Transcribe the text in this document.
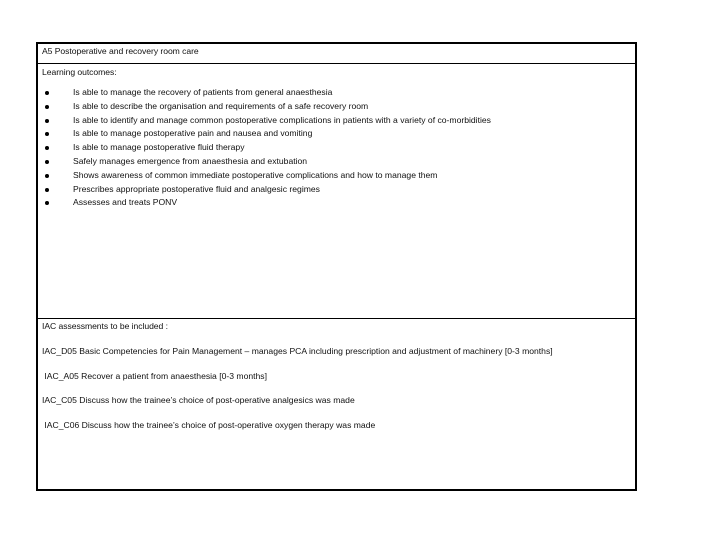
A5 Postoperative and recovery room care
Learning outcomes:
Is able to manage the recovery of patients from general anaesthesia
Is able to describe the organisation and requirements of a safe recovery room
Is able to identify and manage common postoperative complications in patients with a variety of co-morbidities
Is able to manage postoperative pain and nausea and vomiting
Is able to manage postoperative fluid therapy
Safely manages emergence from anaesthesia and extubation
Shows awareness of common immediate postoperative complications and how to manage them
Prescribes appropriate postoperative fluid and analgesic regimes
Assesses and treats PONV
IAC assessments to be included :
IAC_D05 Basic Competencies for Pain Management – manages PCA including prescription and adjustment of machinery [0-3 months]
IAC_A05 Recover a patient from anaesthesia [0-3 months]
IAC_C05 Discuss how the trainee’s choice of post-operative analgesics was made
IAC_C06 Discuss how the trainee’s choice of post-operative oxygen therapy was made
